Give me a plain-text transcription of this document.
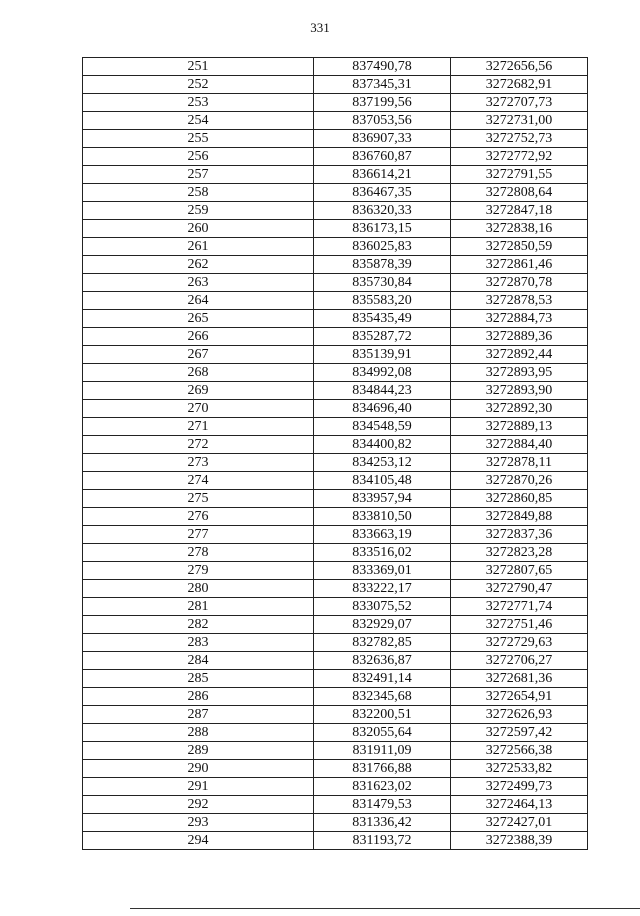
331
251	837490,78	3272656,56
252	837345,31	3272682,91
253	837199,56	3272707,73
254	837053,56	3272731,00
255	836907,33	3272752,73
256	836760,87	3272772,92
257	836614,21	3272791,55
258	836467,35	3272808,64
259	836320,33	3272847,18
260	836173,15	3272838,16
261	836025,83	3272850,59
262	835878,39	3272861,46
263	835730,84	3272870,78
264	835583,20	3272878,53
265	835435,49	3272884,73
266	835287,72	3272889,36
267	835139,91	3272892,44
268	834992,08	3272893,95
269	834844,23	3272893,90
270	834696,40	3272892,30
271	834548,59	3272889,13
272	834400,82	3272884,40
273	834253,12	3272878,11
274	834105,48	3272870,26
275	833957,94	3272860,85
276	833810,50	3272849,88
277	833663,19	3272837,36
278	833516,02	3272823,28
279	833369,01	3272807,65
280	833222,17	3272790,47
281	833075,52	3272771,74
282	832929,07	3272751,46
283	832782,85	3272729,63
284	832636,87	3272706,27
285	832491,14	3272681,36
286	832345,68	3272654,91
287	832200,51	3272626,93
288	832055,64	3272597,42
289	831911,09	3272566,38
290	831766,88	3272533,82
291	831623,02	3272499,73
292	831479,53	3272464,13
293	831336,42	3272427,01
294	831193,72	3272388,39
